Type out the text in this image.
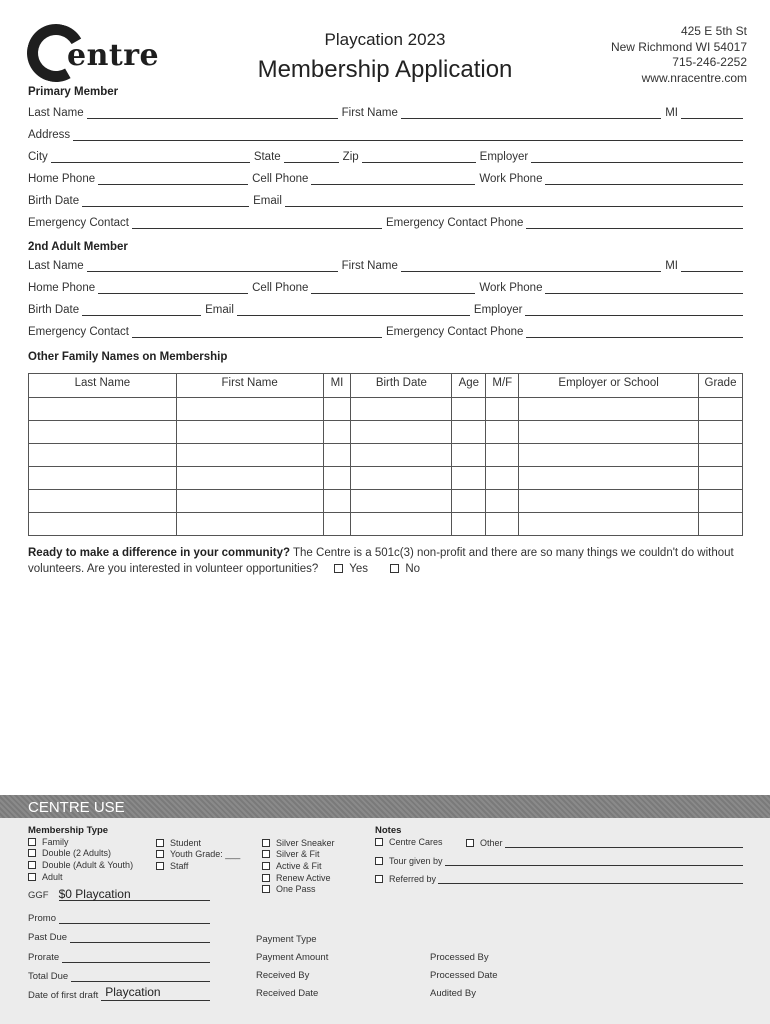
entre	Playcation 2023
Membership Application
425 E 5th St
New Richmond WI 54017
715-246-2252
www.nracentre.com
Primary Member
Last Name	First Name	MI
Address
City	State	Zip	Employer
Home Phone	Cell Phone	Work Phone
Birth Date	Email
Emergency Contact	Emergency Contact Phone
2nd Adult Member
Last Name	First Name	MI
Home Phone	Cell Phone	Work Phone
Birth Date	Email	Employer
Emergency Contact	Emergency Contact Phone
Other Family Names on Membership
Last Name	First Name	MI	Birth Date	Age	M/F	Employer or School	Grade

Ready to make a difference in your community? The Centre is a 501c(3) non-profit and there are so many things we couldn't do without volunteers. Are you interested in volunteer opportunities?	Yes	No
CENTRE USE
Membership Type
Family
Double (2 Adults)
Double (Adult & Youth)
Adult
Student
Youth Grade: ___
Staff
Silver Sneaker
Silver & Fit
Active & Fit
Renew Active
One Pass
Notes
Centre Cares	Other
Tour given by
Referred by
GGF $0 Playcation
Promo
Past Due
Prorate
Total Due
Date of first draft Playcation
Payment Type
Payment Amount
Received By
Received Date
Processed By
Processed Date
Audited By
